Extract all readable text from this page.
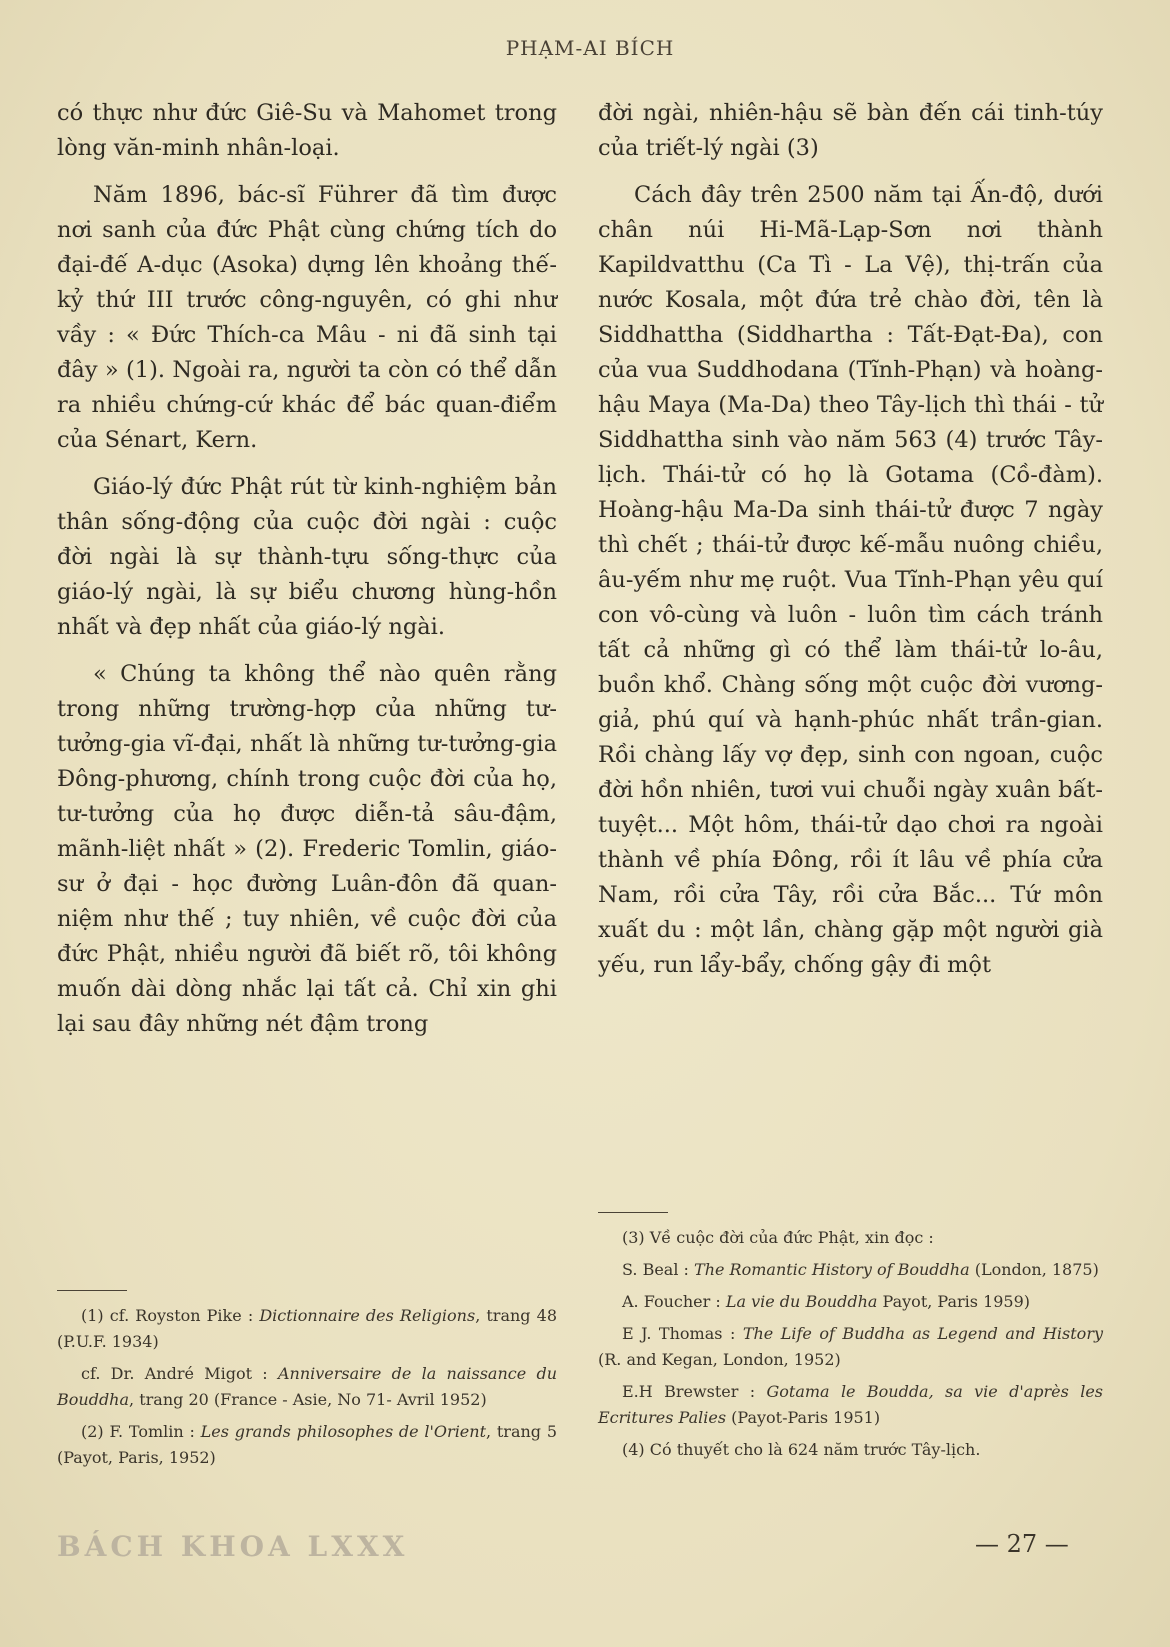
PHẠM-AI BÍCH

có thực như đức Giê-Su và Mahomet trong lòng văn-minh nhân-loại.

Năm 1896, bác-sĩ Führer đã tìm được nơi sanh của đức Phật cùng chứng tích do đại-đế A-dục (Asoka) dựng lên khoảng thế-kỷ thứ III trước công-nguyên, có ghi như vầy : « Đức Thích-ca Mâu - ni đã sinh tại đây » (1). Ngoài ra, người ta còn có thể dẫn ra nhiều chứng-cứ khác để bác quan-điểm của Sénart, Kern.

Giáo-lý đức Phật rút từ kinh-nghiệm bản thân sống-động của cuộc đời ngài : cuộc đời ngài là sự thành-tựu sống-thực của giáo-lý ngài, là sự biểu chương hùng-hồn nhất và đẹp nhất của giáo-lý ngài.

« Chúng ta không thể nào quên rằng trong những trường-hợp của những tư-tưởng-gia vĩ-đại, nhất là những tư-tưởng-gia Đông-phương, chính trong cuộc đời của họ, tư-tưởng của họ được diễn-tả sâu-đậm, mãnh-liệt nhất » (2). Frederic Tomlin, giáo-sư ở đại - học đường Luân-đôn đã quan-niệm như thế ; tuy nhiên, về cuộc đời của đức Phật, nhiều người đã biết rõ, tôi không muốn dài dòng nhắc lại tất cả. Chỉ xin ghi lại sau đây những nét đậm trong

đời ngài, nhiên-hậu sẽ bàn đến cái tinh-túy của triết-lý ngài (3)

Cách đây trên 2500 năm tại Ấn-độ, dưới chân núi Hi-Mã-Lạp-Sơn nơi thành Kapildvatthu (Ca Tì - La Vệ), thị-trấn của nước Kosala, một đứa trẻ chào đời, tên là Siddhattha (Siddhartha : Tất-Đạt-Đa), con của vua Suddhodana (Tĩnh-Phạn) và hoàng-hậu Maya (Ma-Da) theo Tây-lịch thì thái - tử Siddhattha sinh vào năm 563 (4) trước Tây-lịch. Thái-tử có họ là Gotama (Cồ-đàm). Hoàng-hậu Ma-Da sinh thái-tử được 7 ngày thì chết ; thái-tử được kế-mẫu nuông chiều, âu-yếm như mẹ ruột. Vua Tĩnh-Phạn yêu quí con vô-cùng và luôn - luôn tìm cách tránh tất cả những gì có thể làm thái-tử lo-âu, buồn khổ. Chàng sống một cuộc đời vương-giả, phú quí và hạnh-phúc nhất trần-gian. Rồi chàng lấy vợ đẹp, sinh con ngoan, cuộc đời hồn nhiên, tươi vui chuỗi ngày xuân bất-tuyệt... Một hôm, thái-tử dạo chơi ra ngoài thành về phía Đông, rồi ít lâu về phía cửa Nam, rồi cửa Tây, rồi cửa Bắc... Tứ môn xuất du : một lần, chàng gặp một người già yếu, run lẩy-bẩy, chống gậy đi một

(1) cf. Royston Pike : Dictionnaire des Religions, trang 48 (P.U.F. 1934)

cf. Dr. André Migot : Anniversaire de la naissance du Bouddha, trang 20 (France - Asie, No 71- Avril 1952)

(2) F. Tomlin : Les grands philosophes de l'Orient, trang 5 (Payot, Paris, 1952)

(3) Về cuộc đời của đức Phật, xin đọc :

S. Beal : The Romantic History of Bouddha (London, 1875)

A. Foucher : La vie du Bouddha Payot, Paris 1959)

E J. Thomas : The Life of Buddha as Legend and History (R. and Kegan, London, 1952)

E.H Brewster : Gotama le Boudda, sa vie d'après les Ecritures Palies (Payot-Paris 1951)

(4) Có thuyết cho là 624 năm trước Tây-lịch.

BÁCH KHOA LXXX	— 27 —
